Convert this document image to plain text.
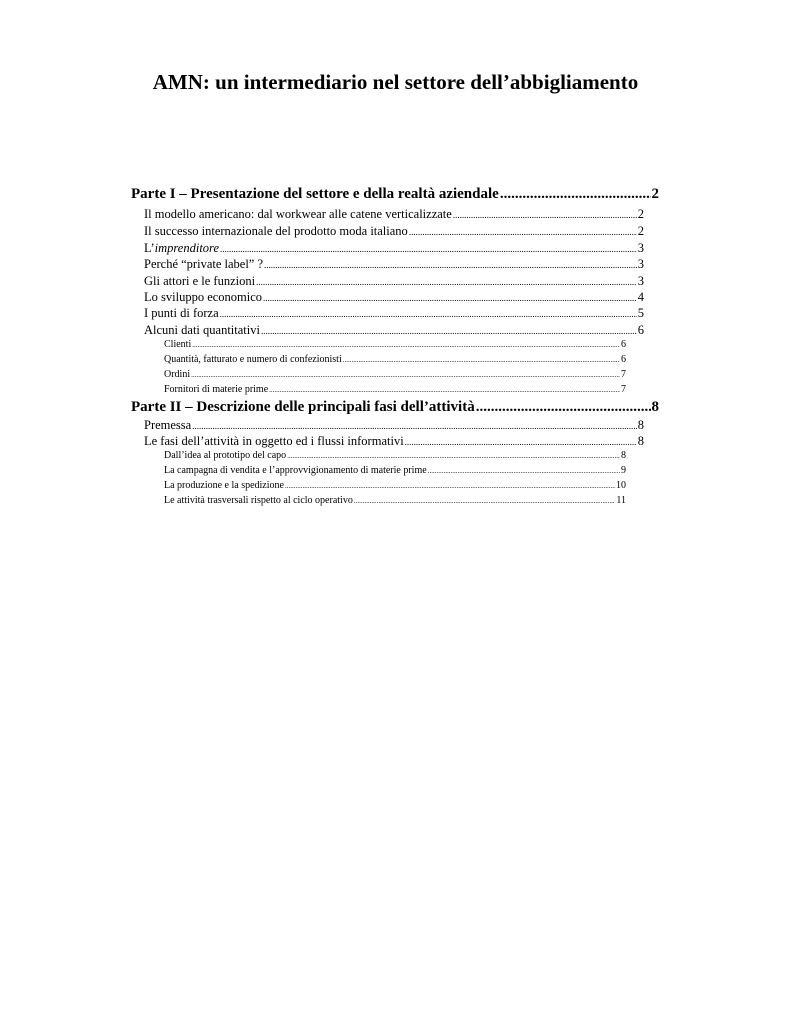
AMN: un intermediario nel settore dell’abbigliamento
Parte I – Presentazione del settore e della realtà aziendale .....	2
Il modello americano: dal workwear alle catene verticalizzate .....	2
Il successo internazionale del prodotto moda italiano .....	2
L’imprenditore .....	3
Perché “private label” ? .....	3
Gli attori e le funzioni .....	3
Lo sviluppo economico .....	4
I punti di forza .....	5
Alcuni dati quantitativi .....	6
Clienti .....	6
Quantità, fatturato e numero di confezionisti .....	6
Ordini .....	7
Fornitori di materie prime .....	7
Parte II – Descrizione delle principali fasi dell’attività .....	8
Premessa .....	8
Le fasi dell’attività in oggetto ed i flussi informativi .....	8
Dall’idea al prototipo del capo .....	8
La campagna di vendita e l’approvvigionamento di materie prime .....	9
La produzione e la spedizione .....	10
Le attività trasversali rispetto al ciclo operativo .....	11
